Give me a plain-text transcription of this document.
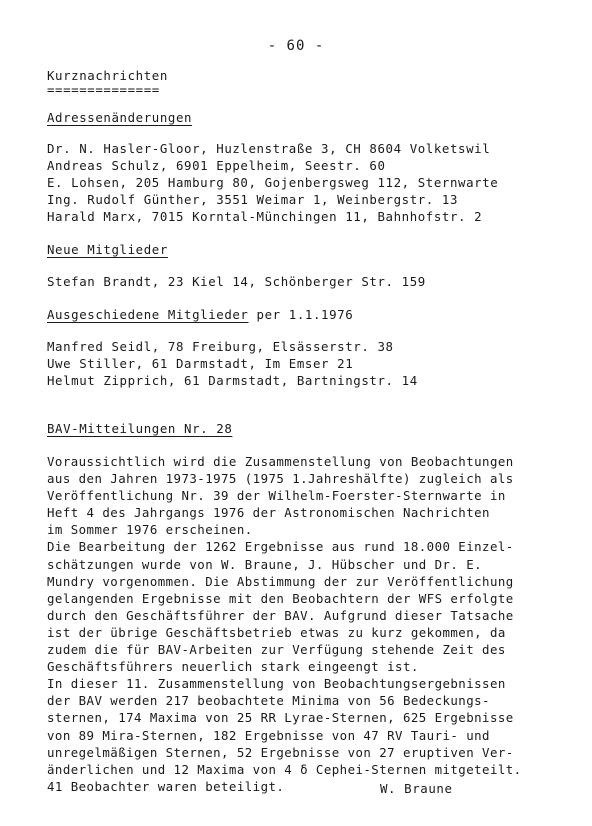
- 60 -
Kurznachrichten
==============
Adressenänderungen
Dr. N. Hasler-Gloor, Huzlenstraße 3, CH 8604 Volketswil
Andreas Schulz, 6901 Eppelheim, Seestr. 60
E. Lohsen, 205 Hamburg 80, Gojenbergsweg 112, Sternwarte
Ing. Rudolf Günther, 3551 Weimar 1, Weinbergstr. 13
Harald Marx, 7015 Korntal-Münchingen 11, Bahnhofstr. 2
Neue Mitglieder
Stefan Brandt, 23 Kiel 14, Schönberger Str. 159
Ausgeschiedene Mitglieder per 1.1.1976
Manfred Seidl, 78 Freiburg, Elsässerstr. 38
Uwe Stiller, 61 Darmstadt, Im Emser 21
Helmut Zipprich, 61 Darmstadt, Bartningstr. 14
BAV-Mitteilungen Nr. 28
Voraussichtlich wird die Zusammenstellung von Beobachtungen
aus den Jahren 1973-1975 (1975 1.Jahreshälfte) zugleich als
Veröffentlichung Nr. 39 der Wilhelm-Foerster-Sternwarte in
Heft 4 des Jahrgangs 1976 der Astronomischen Nachrichten
im Sommer 1976 erscheinen.
Die Bearbeitung der 1262 Ergebnisse aus rund 18.000 Einzel-
schätzungen wurde von W. Braune, J. Hübscher und Dr. E.
Mundry vorgenommen. Die Abstimmung der zur Veröffentlichung
gelangenden Ergebnisse mit den Beobachtern der WFS erfolgte
durch den Geschäftsführer der BAV. Aufgrund dieser Tatsache
ist der übrige Geschäftsbetrieb etwas zu kurz gekommen, da
zudem die für BAV-Arbeiten zur Verfügung stehende Zeit des
Geschäftsführers neuerlich stark eingeengt ist.
In dieser 11. Zusammenstellung von Beobachtungsergebnissen
der BAV werden 217 beobachtete Minima von 56 Bedeckungs-
sternen, 174 Maxima von 25 RR Lyrae-Sternen, 625 Ergebnisse
von 89 Mira-Sternen, 182 Ergebnisse von 47 RV Tauri- und
unregelmäßigen Sternen, 52 Ergebnisse von 27 eruptiven Ver-
änderlichen und 12 Maxima von 4 δ Cephei-Sternen mitgeteilt.
41 Beobachter waren beteiligt.	W. Braune
